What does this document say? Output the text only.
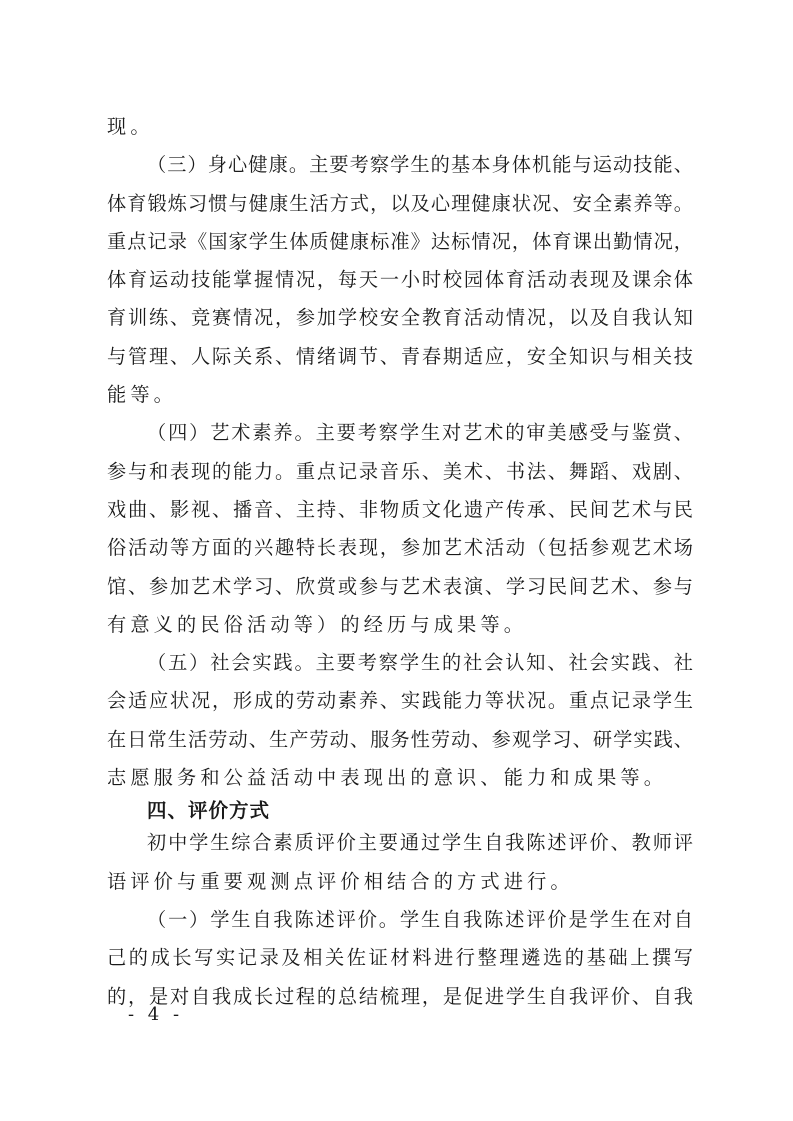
现。
（三）身心健康。主要考察学生的基本身体机能与运动技能、
体育锻炼习惯与健康生活方式，以及心理健康状况、安全素养等。
重点记录《国家学生体质健康标准》达标情况，体育课出勤情况，
体育运动技能掌握情况，每天一小时校园体育活动表现及课余体
育训练、竞赛情况，参加学校安全教育活动情况，以及自我认知
与管理、人际关系、情绪调节、青春期适应，安全知识与相关技
能等。
（四）艺术素养。主要考察学生对艺术的审美感受与鉴赏、
参与和表现的能力。重点记录音乐、美术、书法、舞蹈、戏剧、
戏曲、影视、播音、主持、非物质文化遗产传承、民间艺术与民
俗活动等方面的兴趣特长表现，参加艺术活动（包括参观艺术场
馆、参加艺术学习、欣赏或参与艺术表演、学习民间艺术、参与
有意义的民俗活动等）的经历与成果等。
（五）社会实践。主要考察学生的社会认知、社会实践、社
会适应状况，形成的劳动素养、实践能力等状况。重点记录学生
在日常生活劳动、生产劳动、服务性劳动、参观学习、研学实践、
志愿服务和公益活动中表现出的意识、能力和成果等。
四、评价方式
初中学生综合素质评价主要通过学生自我陈述评价、教师评
语评价与重要观测点评价相结合的方式进行。
（一）学生自我陈述评价。学生自我陈述评价是学生在对自
己的成长写实记录及相关佐证材料进行整理遴选的基础上撰写
的，是对自我成长过程的总结梳理，是促进学生自我评价、自我
- 4 -
